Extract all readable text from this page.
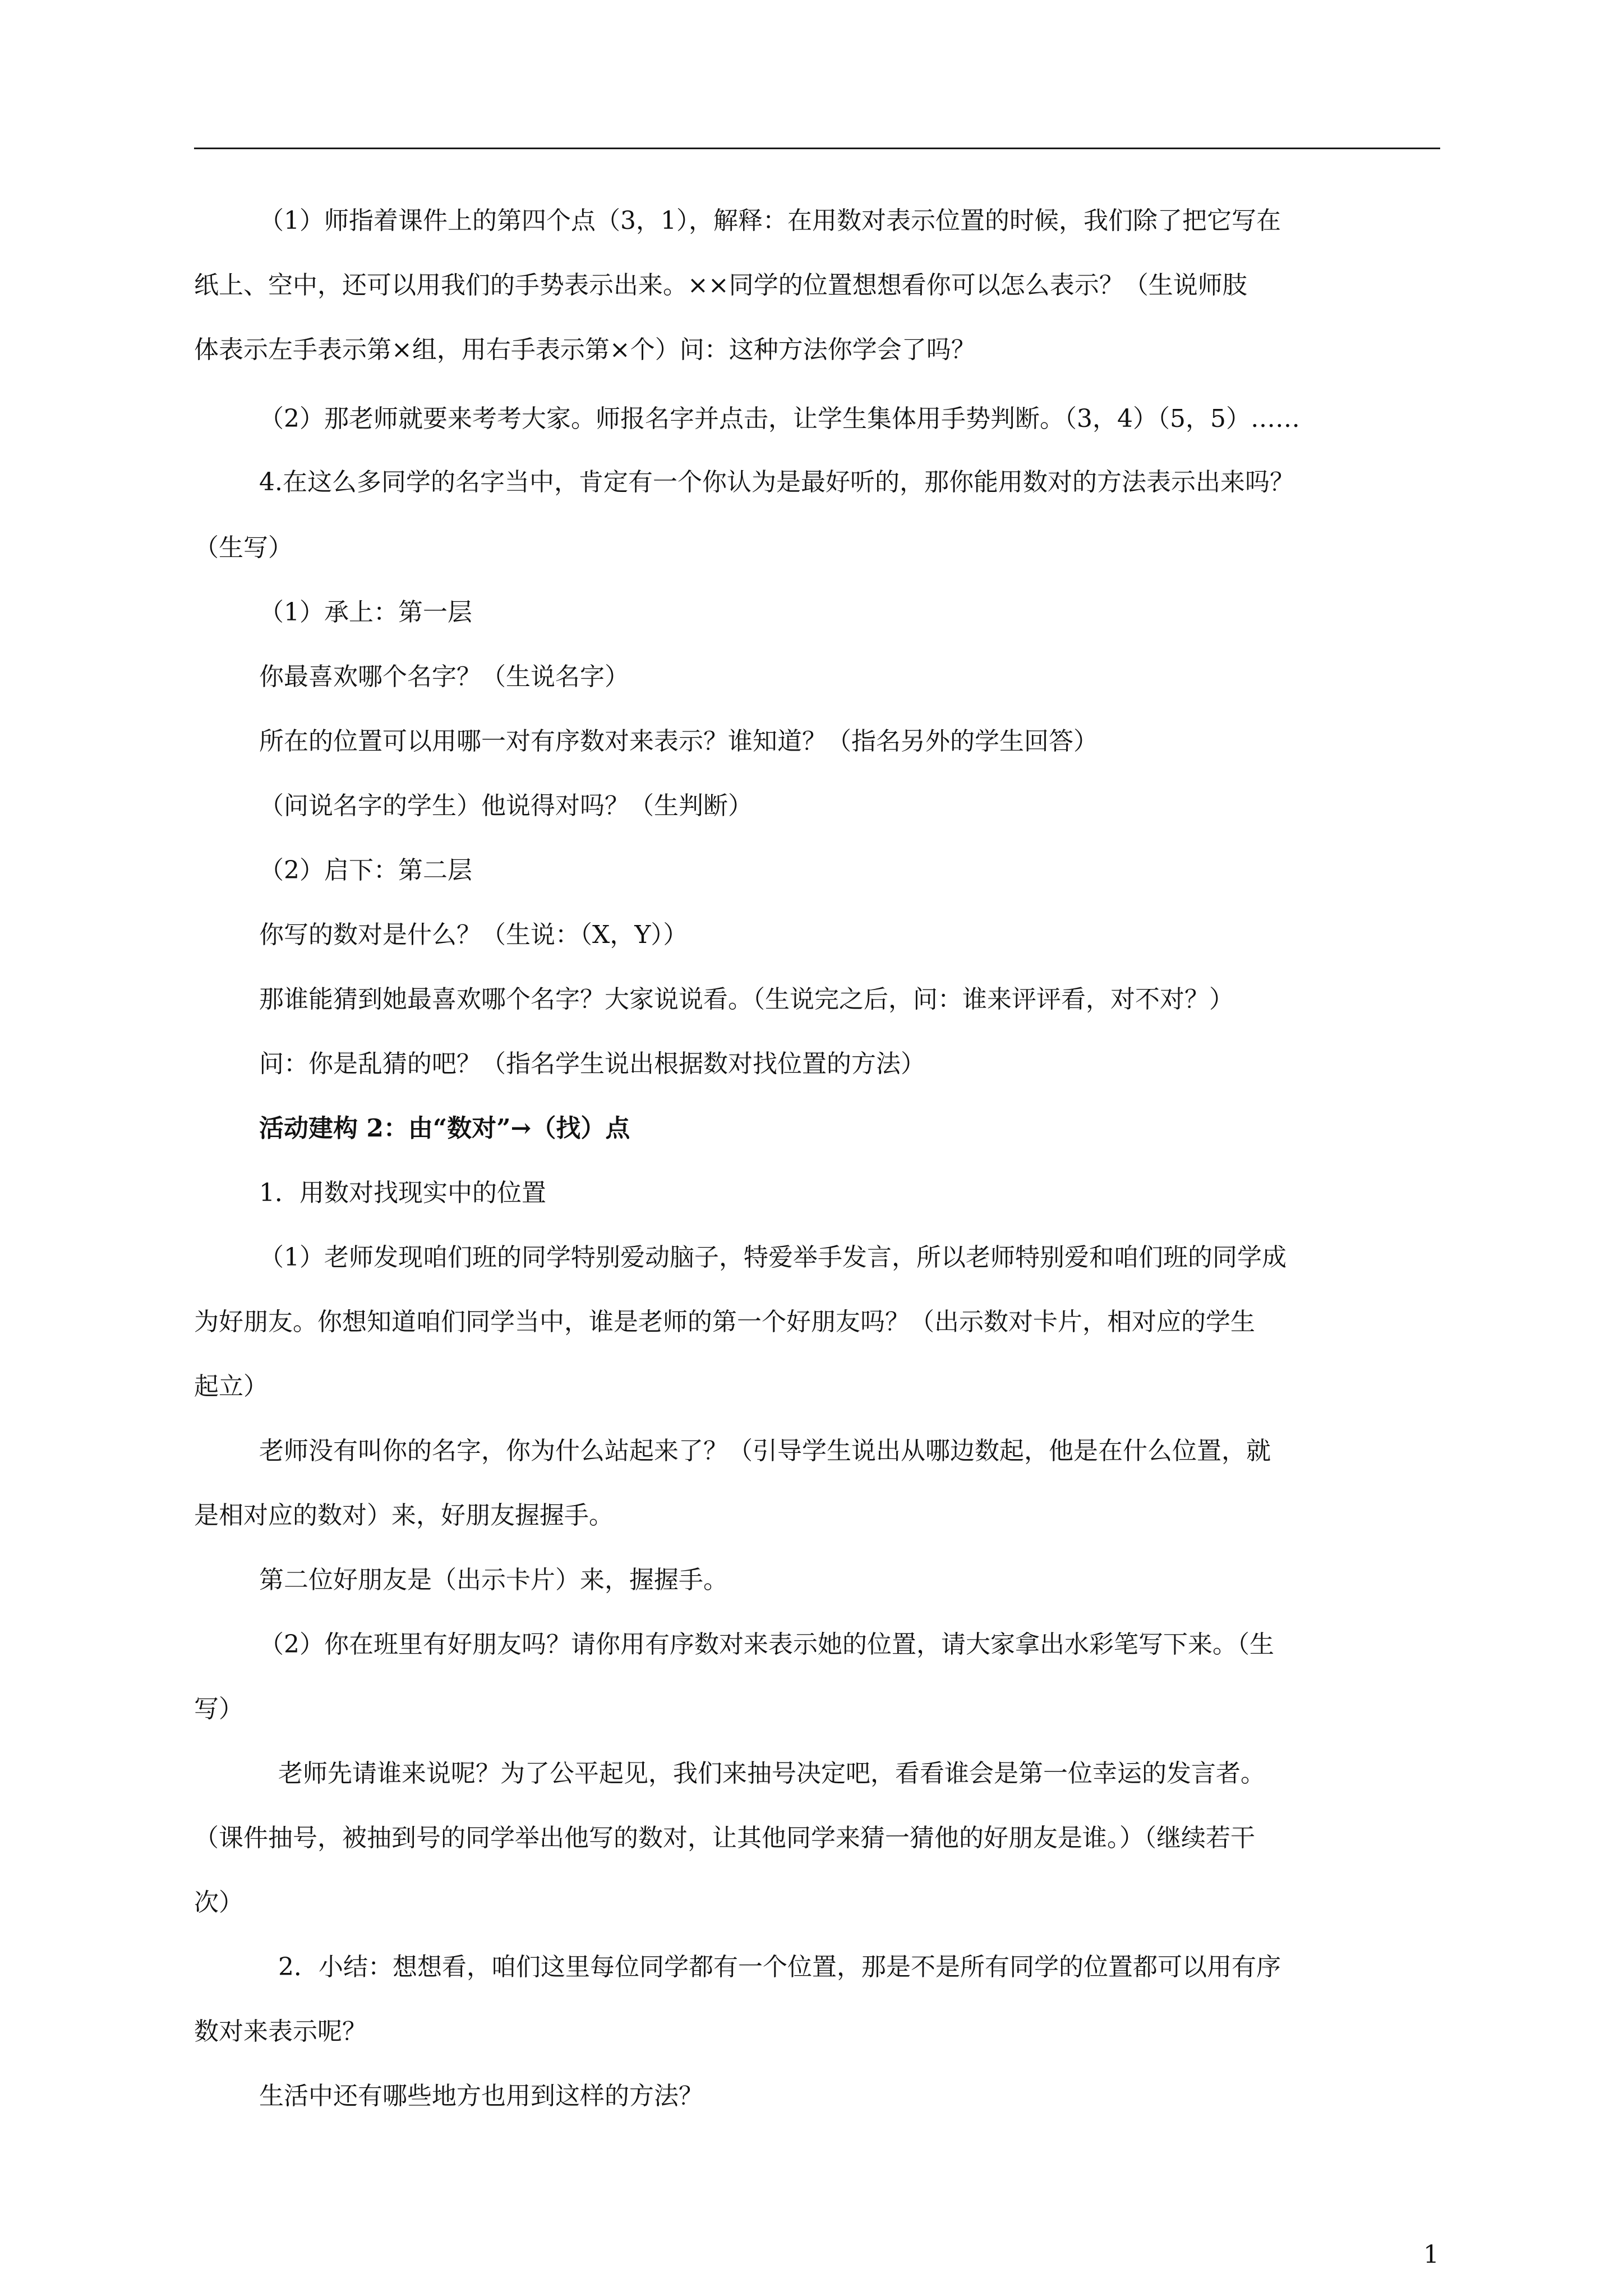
（1）师指着课件上的第四个点（3，1），解释：在用数对表示位置的时候，我们除了把它写在

纸上、空中，还可以用我们的手势表示出来。××同学的位置想想看你可以怎么表示？（生说师肢

体表示左手表示第×组，用右手表示第×个）问：这种方法你学会了吗？

（2）那老师就要来考考大家。师报名字并点击，让学生集体用手势判断。（3，4）（5，5）……

4.在这么多同学的名字当中，肯定有一个你认为是最好听的，那你能用数对的方法表示出来吗？

（生写）

（1）承上：第一层

你最喜欢哪个名字？（生说名字）

所在的位置可以用哪一对有序数对来表示？谁知道？（指名另外的学生回答）

（问说名字的学生）他说得对吗？（生判断）

（2）启下：第二层

你写的数对是什么？（生说：（X，Y））

那谁能猜到她最喜欢哪个名字？大家说说看。（生说完之后，问：谁来评评看，对不对？）

问：你是乱猜的吧？（指名学生说出根据数对找位置的方法）

活动建构 2：由“数对”→（找）点

1．用数对找现实中的位置

（1）老师发现咱们班的同学特别爱动脑子，特爱举手发言，所以老师特别爱和咱们班的同学成

为好朋友。你想知道咱们同学当中，谁是老师的第一个好朋友吗？（出示数对卡片，相对应的学生

起立）

老师没有叫你的名字，你为什么站起来了？（引导学生说出从哪边数起，他是在什么位置，就

是相对应的数对）来，好朋友握握手。

第二位好朋友是（出示卡片）来，握握手。

（2）你在班里有好朋友吗？请你用有序数对来表示她的位置，请大家拿出水彩笔写下来。（生

写）

老师先请谁来说呢？为了公平起见，我们来抽号决定吧，看看谁会是第一位幸运的发言者。

（课件抽号，被抽到号的同学举出他写的数对，让其他同学来猜一猜他的好朋友是谁。）（继续若干

次）

2．小结：想想看，咱们这里每位同学都有一个位置，那是不是所有同学的位置都可以用有序

数对来表示呢？

生活中还有哪些地方也用到这样的方法？

1
